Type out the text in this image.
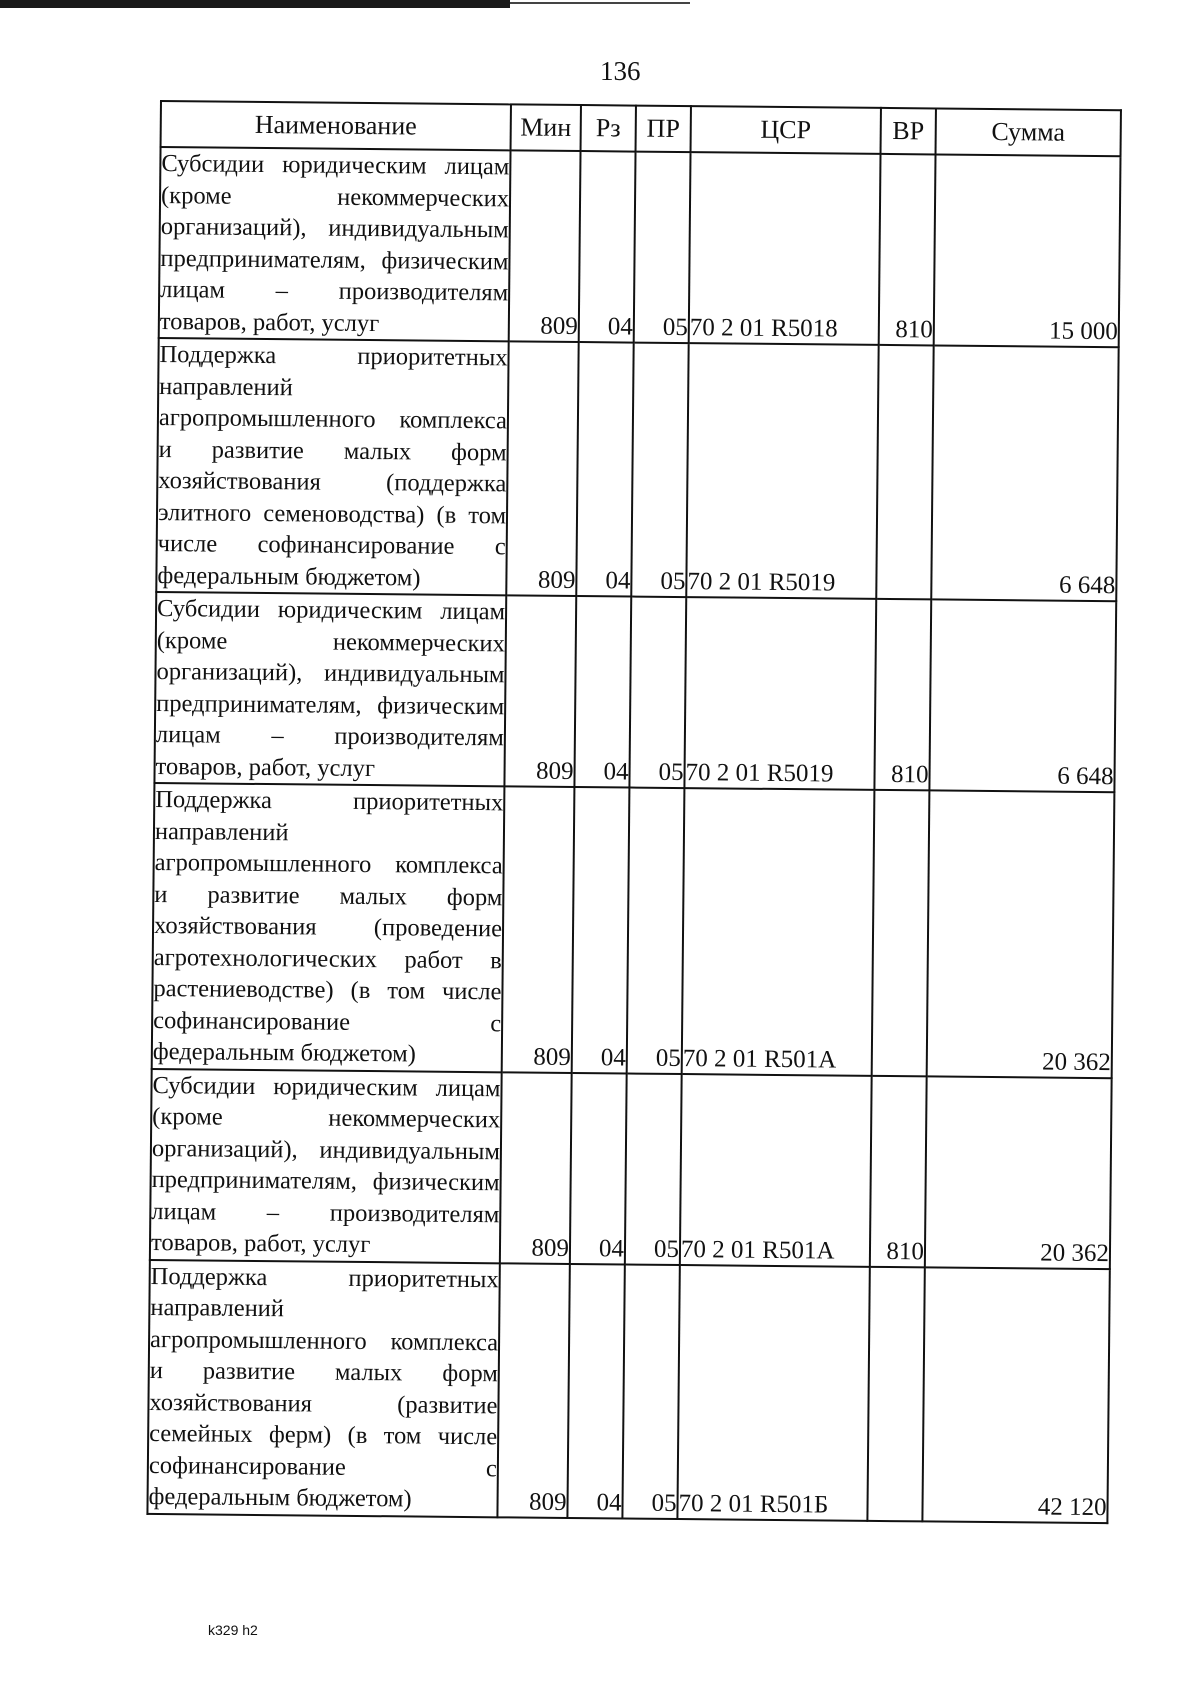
136
Наименование	Мин	Рз	ПР	ЦСР	ВР	Сумма
Субсидии юридическим лицам (кроме некоммерческих организаций), индивидуальным предпринимателям, физическим лицам – производителям товаров, работ, услуг	809	04	05	70 2 01 R5018	810	15 000
Поддержка приоритетных направлений агропромышленного комплекса и развитие малых форм хозяйствования (поддержка элитного семеноводства) (в том числе софинансирование с федеральным бюджетом)	809	04	05	70 2 01 R5019		6 648
Субсидии юридическим лицам (кроме некоммерческих организаций), индивидуальным предпринимателям, физическим лицам – производителям товаров, работ, услуг	809	04	05	70 2 01 R5019	810	6 648
Поддержка приоритетных направлений агропромышленного комплекса и развитие малых форм хозяйствования (проведение агротехнологических работ в растениеводстве) (в том числе софинансирование с федеральным бюджетом)	809	04	05	70 2 01 R501А		20 362
Субсидии юридическим лицам (кроме некоммерческих организаций), индивидуальным предпринимателям, физическим лицам – производителям товаров, работ, услуг	809	04	05	70 2 01 R501А	810	20 362
Поддержка приоритетных направлений агропромышленного комплекса и развитие малых форм хозяйствования (развитие семейных ферм) (в том числе софинансирование с федеральным бюджетом)	809	04	05	70 2 01 R501Б		42 120
k329 h2
